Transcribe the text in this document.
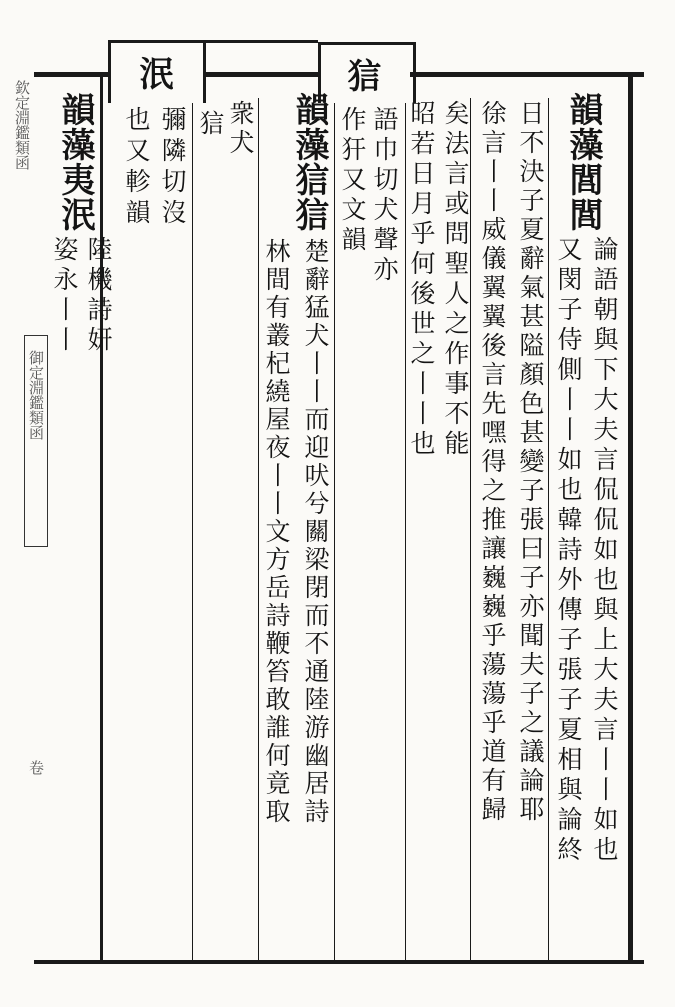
泯	狺
欽定淵鑑類函
御定淵鑑類函
卷
韻藻閭閭
論語朝與下大夫言侃侃如也與上大夫言丨丨如也
又閔子侍側丨丨如也韓詩外傳子張子夏相與論終
日不決子夏辭氣甚隘顏色甚變子張曰子亦聞夫子之議論耶
徐言丨丨威儀翼翼後言先嘿得之推讓巍巍乎蕩蕩乎道有歸
矣法言或問聖人之作事不能
昭若日月乎何後世之丨丨也
語巾切犬聲亦
作犴又文韻
韻藻狺狺
楚辭猛犬丨丨而迎吠兮關梁閉而不通陸游幽居詩
林間有叢杞繞屋夜丨丨文方岳詩鞭笞敢誰何竟取
衆犬
狺
彌隣切沒
也又軫韻
韻藻夷泯
陸機詩妍
姿永丨丨
